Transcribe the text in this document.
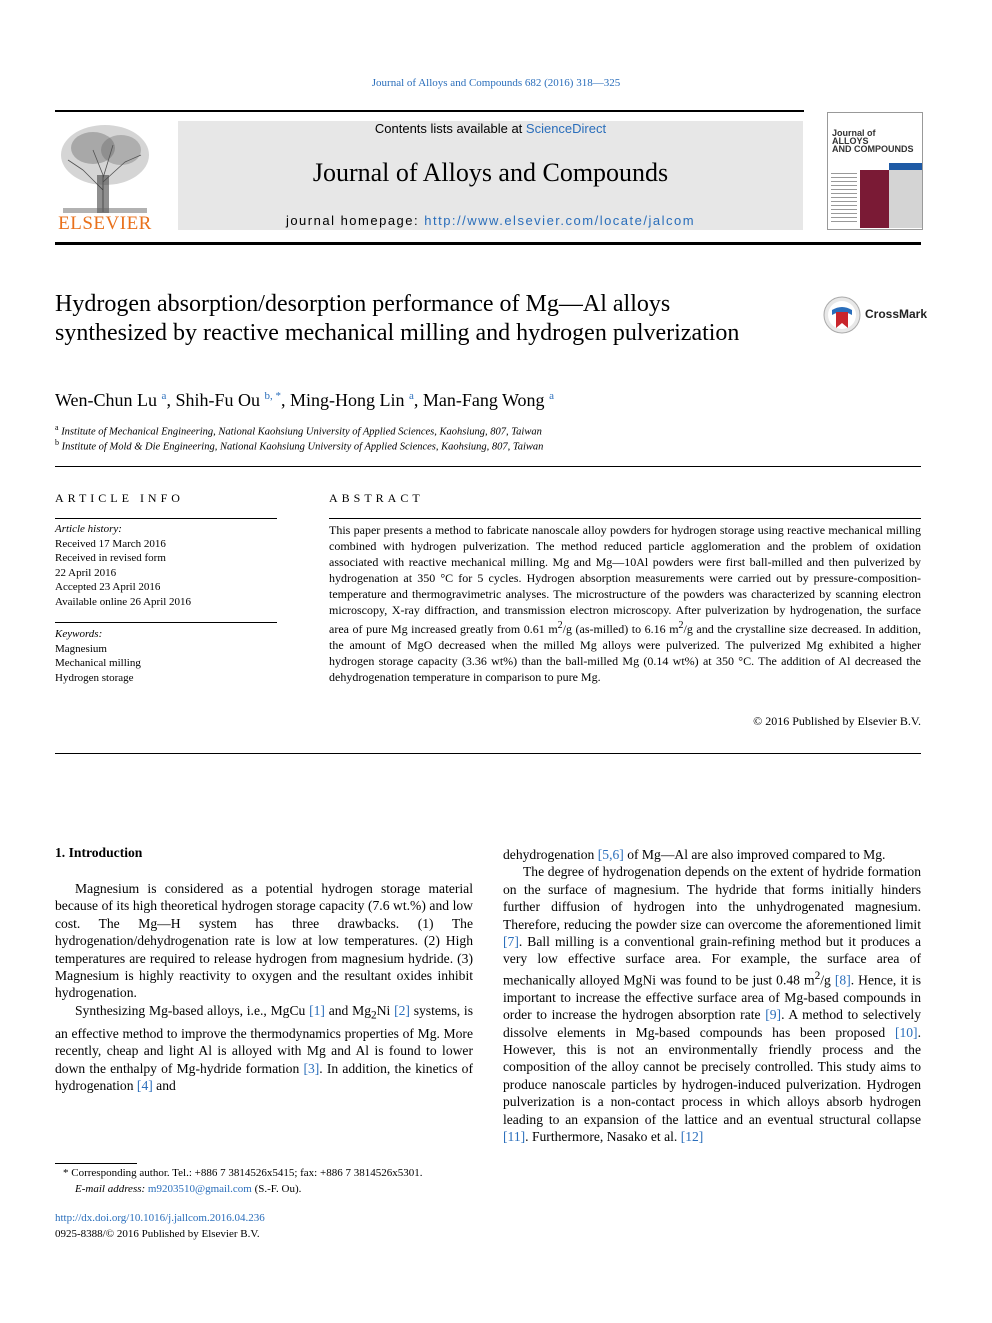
Journal of Alloys and Compounds 682 (2016) 318—325
ELSEVIER
Contents lists available at ScienceDirect
Journal of Alloys and Compounds
journal homepage: http://www.elsevier.com/locate/jalcom
Journal of
ALLOYS
AND COMPOUNDS
Hydrogen absorption/desorption performance of Mg—Al alloys synthesized by reactive mechanical milling and hydrogen pulverization
CrossMark
Wen-Chun Lu $^a$, Shih-Fu Ou $^{b, *}$, Ming-Hong Lin $^a$, Man-Fang Wong $^a$
$^a$ Institute of Mechanical Engineering, National Kaohsiung University of Applied Sciences, Kaohsiung, 807, Taiwan
$^b$ Institute of Mold & Die Engineering, National Kaohsiung University of Applied Sciences, Kaohsiung, 807, Taiwan
ARTICLE INFO
Article history:
Received 17 March 2016
Received in revised form
22 April 2016
Accepted 23 April 2016
Available online 26 April 2016
Keywords:
Magnesium
Mechanical milling
Hydrogen storage
ABSTRACT
This paper presents a method to fabricate nanoscale alloy powders for hydrogen storage using reactive mechanical milling combined with hydrogen pulverization. The method reduced particle agglomeration and the problem of oxidation associated with reactive mechanical milling. Mg and Mg—10Al powders were first ball-milled and then pulverized by hydrogenation at 350 °C for 5 cycles. Hydrogen absorption measurements were carried out by pressure-composition-temperature and thermogravimetric analyses. The microstructure of the powders was characterized by scanning electron microscopy, X-ray diffraction, and transmission electron microscopy. After pulverization by hydrogenation, the surface area of pure Mg increased greatly from 0.61 $m^2/g$ (as-milled) to 6.16 $m^2/g$ and the crystalline size decreased. In addition, the amount of MgO decreased when the milled Mg alloys were pulverized. The pulverized Mg exhibited a higher hydrogen storage capacity (3.36 wt%) than the ball-milled Mg (0.14 wt%) at 350 °C. The addition of Al decreased the dehydrogenation temperature in comparison to pure Mg.
© 2016 Published by Elsevier B.V.
1. Introduction

Magnesium is considered as a potential hydrogen storage material because of its high theoretical hydrogen storage capacity (7.6 wt.%) and low cost. The Mg—H system has three drawbacks. (1) The hydrogenation/dehydrogenation rate is low at low temperatures. (2) High temperatures are required to release hydrogen from magnesium hydride. (3) Magnesium is highly reactivity to oxygen and the resultant oxides inhibit hydrogenation.

Synthesizing Mg-based alloys, i.e., MgCu [1] and $Mg_2Ni$ [2] systems, is an effective method to improve the thermodynamics properties of Mg. More recently, cheap and light Al is alloyed with Mg and Al is found to lower down the enthalpy of Mg-hydride formation [3]. In addition, the kinetics of hydrogenation [4] and

dehydrogenation [5,6] of Mg—Al are also improved compared to Mg.

The degree of hydrogenation depends on the extent of hydride formation on the surface of magnesium. The hydride that forms initially hinders further diffusion of hydrogen into the unhydrogenated magnesium. Therefore, reducing the powder size can overcome the aforementioned limit [7]. Ball milling is a conventional grain-refining method but it produces a very low effective surface area. For example, the surface area of mechanically alloyed MgNi was found to be just 0.48 $m^2/g$ [8]. Hence, it is important to increase the effective surface area of Mg-based compounds in order to increase the hydrogen absorption rate [9]. A method to selectively dissolve elements in Mg-based compounds has been proposed [10]. However, this is not an environmentally friendly process and the composition of the alloy cannot be precisely controlled. This study aims to produce nanoscale particles by hydrogen-induced pulverization. Hydrogen pulverization is a non-contact process in which alloys absorb hydrogen leading to an expansion of the lattice and an eventual structural collapse [11]. Furthermore, Nasako et al. [12]

* Corresponding author. Tel.: +886 7 3814526x5415; fax: +886 7 3814526x5301.
E-mail address: m9203510@gmail.com (S.-F. Ou).
http://dx.doi.org/10.1016/j.jallcom.2016.04.236
0925-8388/© 2016 Published by Elsevier B.V.
